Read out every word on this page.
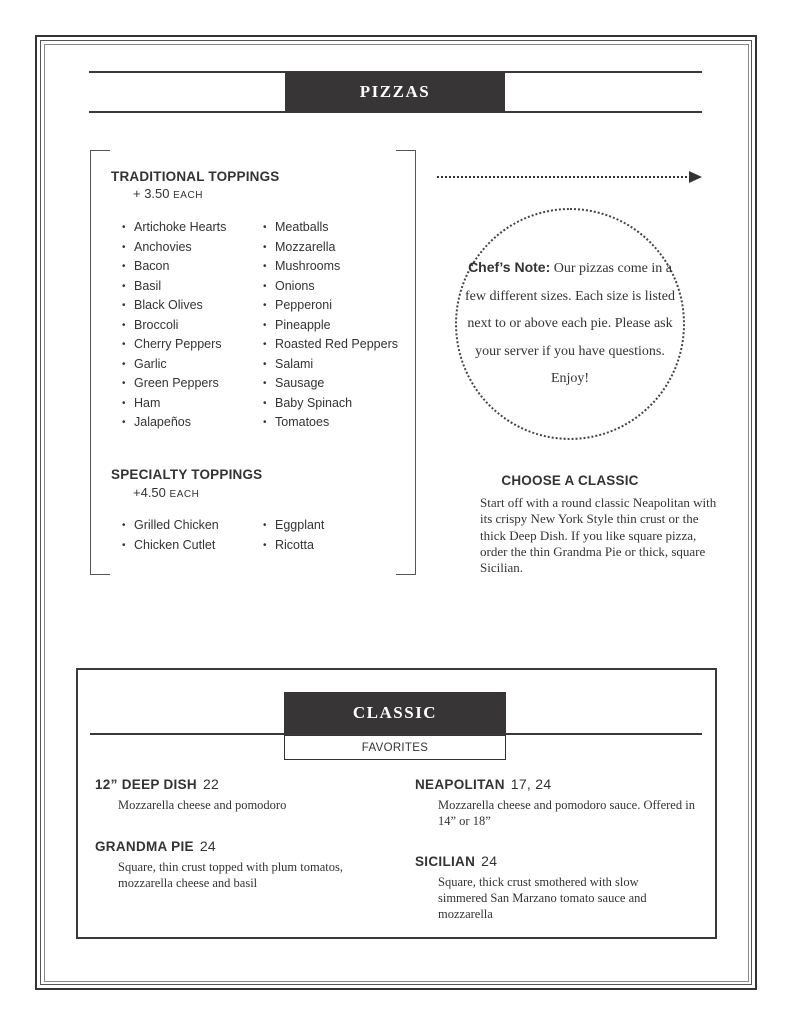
PIZZAS
TRADITIONAL TOPPINGS
+ 3.50 EACH
• Artichoke Hearts
• Anchovies
• Bacon
• Basil
• Black Olives
• Broccoli
• Cherry Peppers
• Garlic
• Green Peppers
• Ham
• Jalapeños
• Meatballs
• Mozzarella
• Mushrooms
• Onions
• Pepperoni
• Pineapple
• Roasted Red Peppers
• Salami
• Sausage
• Baby Spinach
• Tomatoes
SPECIALTY TOPPINGS
+4.50 EACH
• Grilled Chicken
• Chicken Cutlet
• Eggplant
• Ricotta
Chef’s Note: Our pizzas come in a few different sizes. Each size is listed next to or above each pie. Please ask your server if you have questions. Enjoy!
CHOOSE A CLASSIC
Start off with a round classic Neapolitan with its crispy New York Style thin crust or the thick Deep Dish. If you like square pizza, order the thin Grandma Pie or thick, square Sicilian.
CLASSIC
FAVORITES
12” DEEP DISH 22
Mozzarella cheese and pomodoro
GRANDMA PIE 24
Square, thin crust topped with plum tomatos, mozzarella cheese and basil
NEAPOLITAN 17, 24
Mozzarella cheese and pomodoro sauce. Offered in 14” or 18”
SICILIAN 24
Square, thick crust smothered with slow simmered San Marzano tomato sauce and mozzarella
